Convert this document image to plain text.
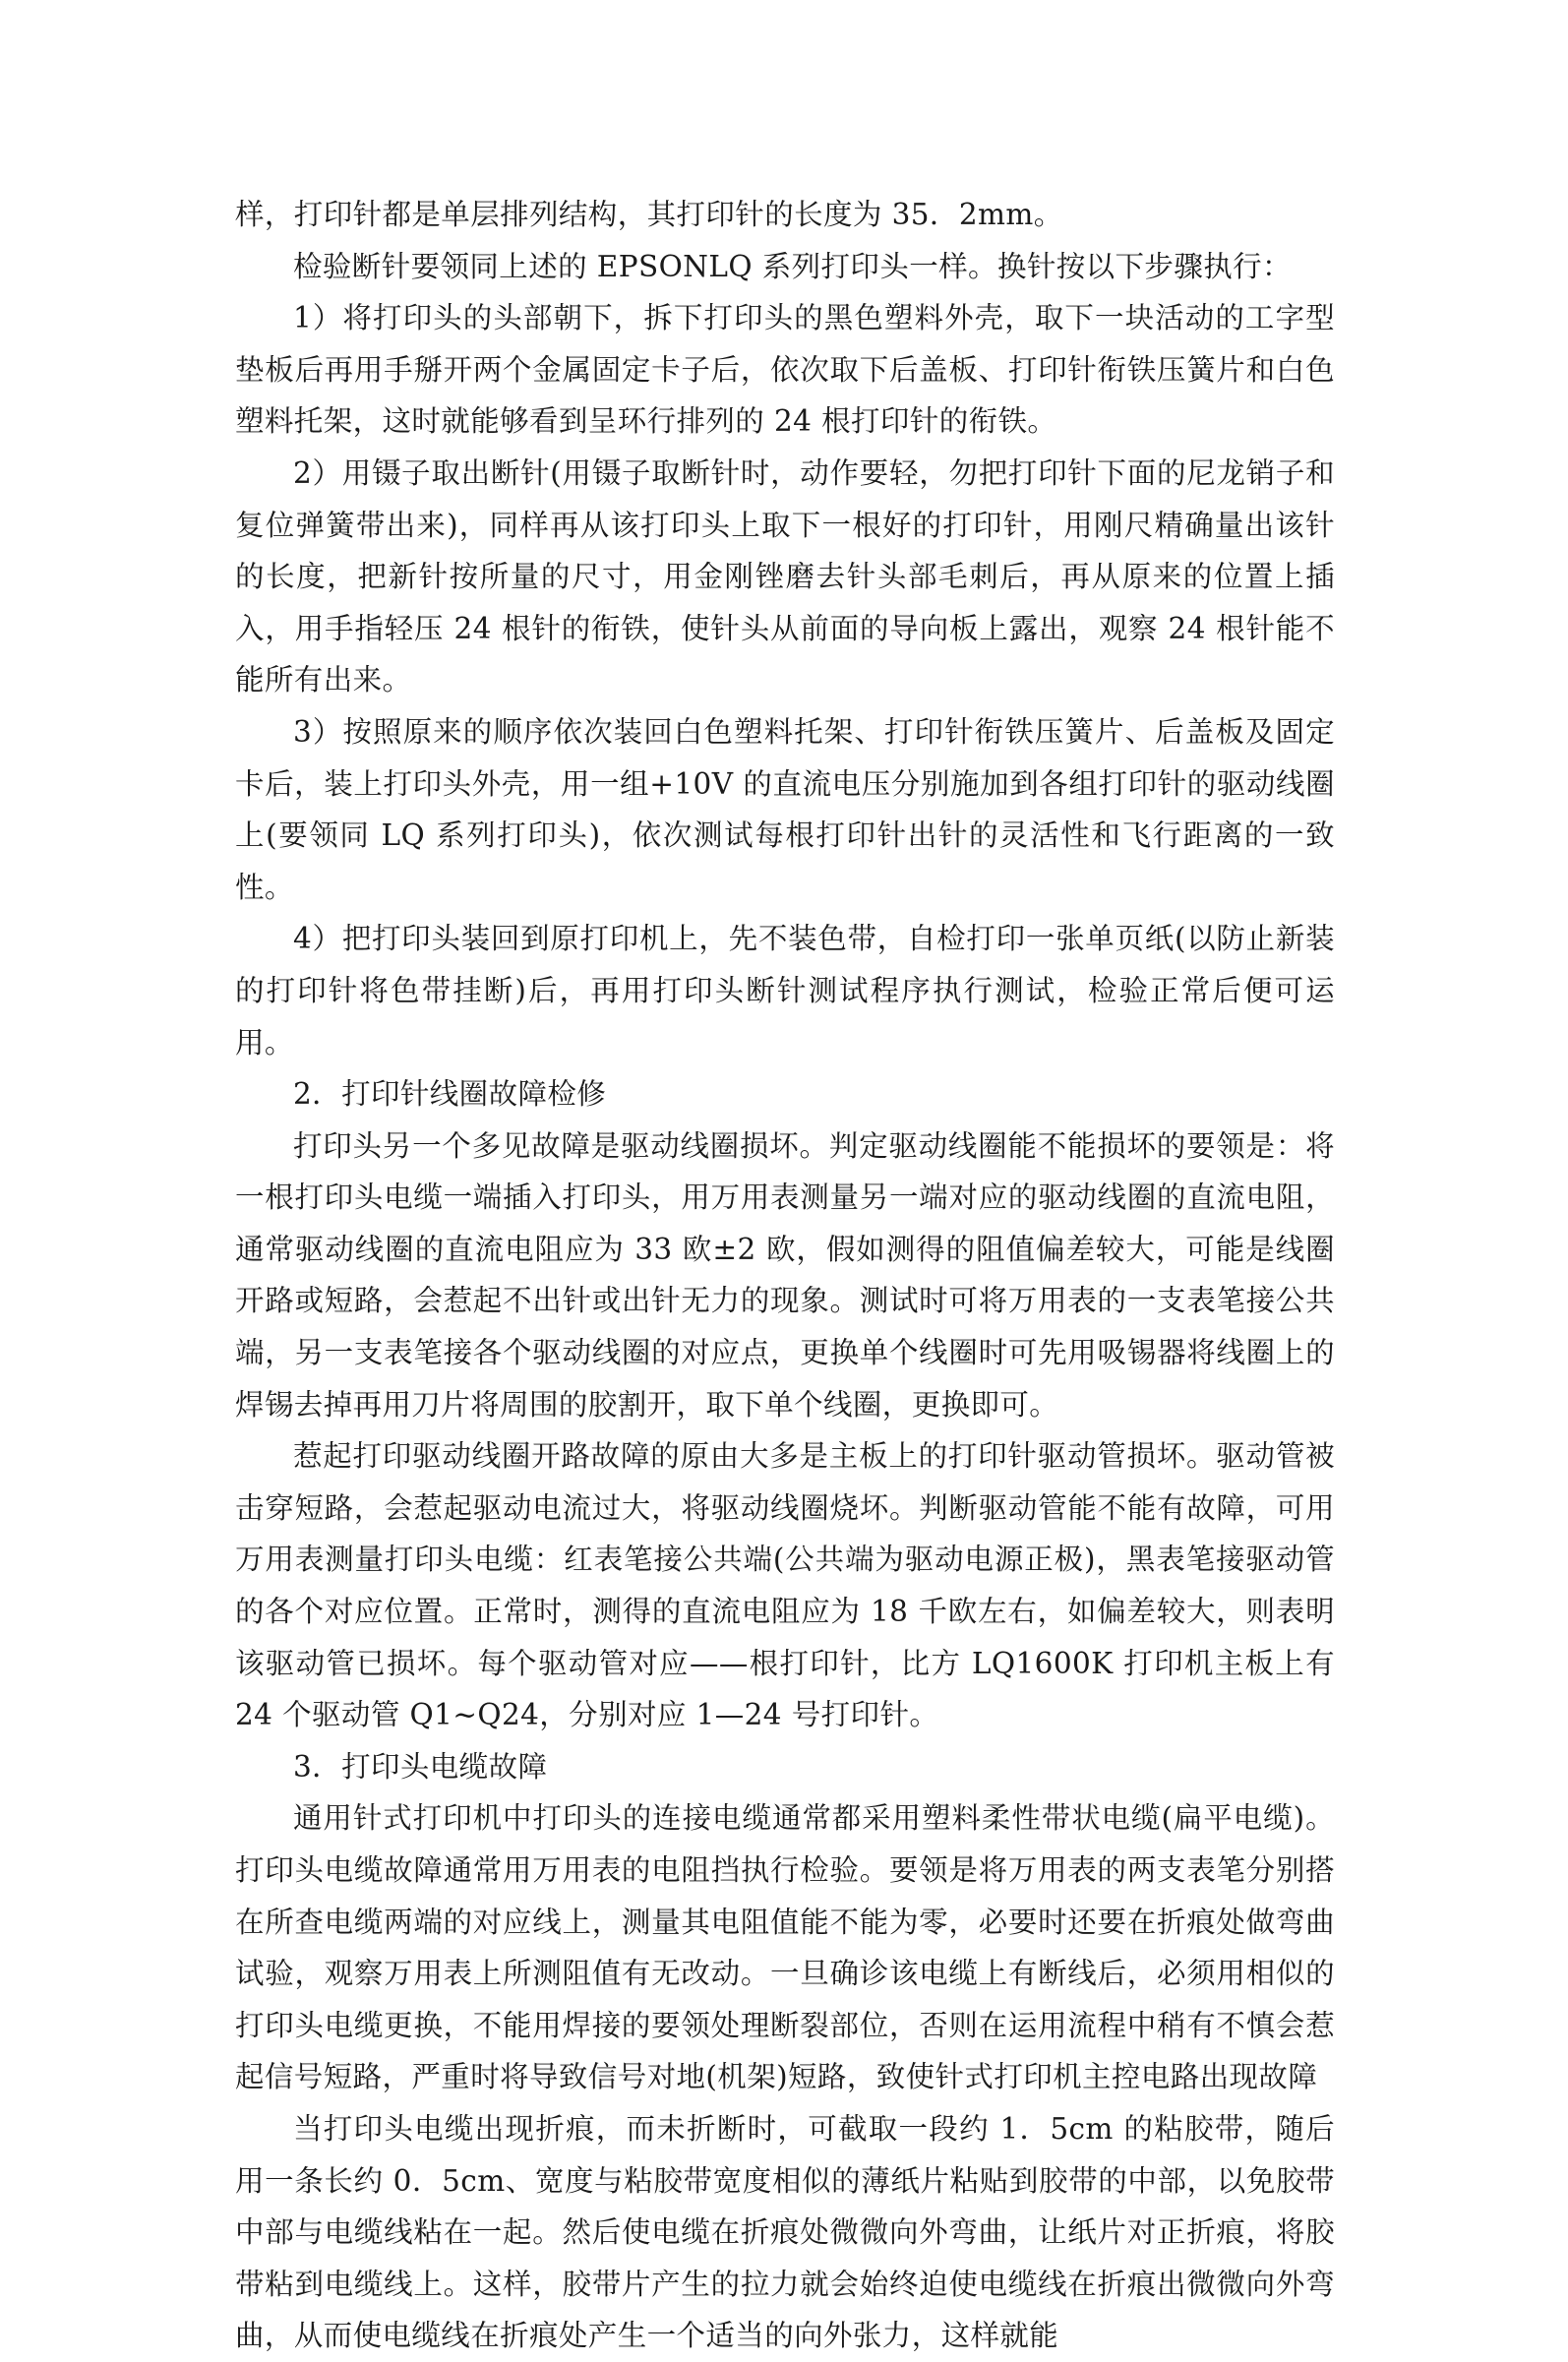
样，打印针都是单层排列结构，其打印针的长度为 35．2mm。

检验断针要领同上述的 EPSONLQ 系列打印头一样。换针按以下步骤执行：

1）将打印头的头部朝下，拆下打印头的黑色塑料外壳，取下一块活动的工字型垫板后再用手掰开两个金属固定卡子后，依次取下后盖板、打印针衔铁压簧片和白色塑料托架，这时就能够看到呈环行排列的 24 根打印针的衔铁。

2）用镊子取出断针(用镊子取断针时，动作要轻，勿把打印针下面的尼龙销子和复位弹簧带出来)，同样再从该打印头上取下一根好的打印针，用刚尺精确量出该针的长度，把新针按所量的尺寸，用金刚锉磨去针头部毛刺后，再从原来的位置上插入，用手指轻压 24 根针的衔铁，使针头从前面的导向板上露出，观察 24 根针能不能所有出来。

3）按照原来的顺序依次装回白色塑料托架、打印针衔铁压簧片、后盖板及固定卡后，装上打印头外壳，用一组+10V 的直流电压分别施加到各组打印针的驱动线圈上(要领同 LQ 系列打印头)，依次测试每根打印针出针的灵活性和飞行距离的一致性。

4）把打印头装回到原打印机上，先不装色带，自检打印一张单页纸(以防止新装的打印针将色带挂断)后，再用打印头断针测试程序执行测试，检验正常后便可运用。

2．打印针线圈故障检修

打印头另一个多见故障是驱动线圈损坏。判定驱动线圈能不能损坏的要领是：将一根打印头电缆一端插入打印头，用万用表测量另一端对应的驱动线圈的直流电阻，通常驱动线圈的直流电阻应为 33 欧±2 欧，假如测得的阻值偏差较大，可能是线圈开路或短路，会惹起不出针或出针无力的现象。测试时可将万用表的一支表笔接公共端，另一支表笔接各个驱动线圈的对应点，更换单个线圈时可先用吸锡器将线圈上的焊锡去掉再用刀片将周围的胶割开，取下单个线圈，更换即可。

惹起打印驱动线圈开路故障的原由大多是主板上的打印针驱动管损坏。驱动管被击穿短路，会惹起驱动电流过大，将驱动线圈烧坏。判断驱动管能不能有故障，可用万用表测量打印头电缆：红表笔接公共端(公共端为驱动电源正极)，黑表笔接驱动管的各个对应位置。正常时，测得的直流电阻应为 18 千欧左右，如偏差较大，则表明该驱动管已损坏。每个驱动管对应——根打印针，比方 LQ1600K 打印机主板上有 24 个驱动管 Q1~Q24，分别对应 1—24 号打印针。

3．打印头电缆故障

通用针式打印机中打印头的连接电缆通常都采用塑料柔性带状电缆(扁平电缆)。打印头电缆故障通常用万用表的电阻挡执行检验。要领是将万用表的两支表笔分别搭在所查电缆两端的对应线上，测量其电阻值能不能为零，必要时还要在折痕处做弯曲试验，观察万用表上所测阻值有无改动。一旦确诊该电缆上有断线后，必须用相似的打印头电缆更换，不能用焊接的要领处理断裂部位，否则在运用流程中稍有不慎会惹起信号短路，严重时将导致信号对地(机架)短路，致使针式打印机主控电路出现故障

当打印头电缆出现折痕，而未折断时，可截取一段约 1．5cm 的粘胶带，随后用一条长约 0．5cm、宽度与粘胶带宽度相似的薄纸片粘贴到胶带的中部，以免胶带中部与电缆线粘在一起。然后使电缆在折痕处微微向外弯曲，让纸片对正折痕，将胶带粘到电缆线上。这样，胶带片产生的拉力就会始终迫使电缆线在折痕出微微向外弯曲，从而使电缆线在折痕处产生一个适当的向外张力，这样就能
